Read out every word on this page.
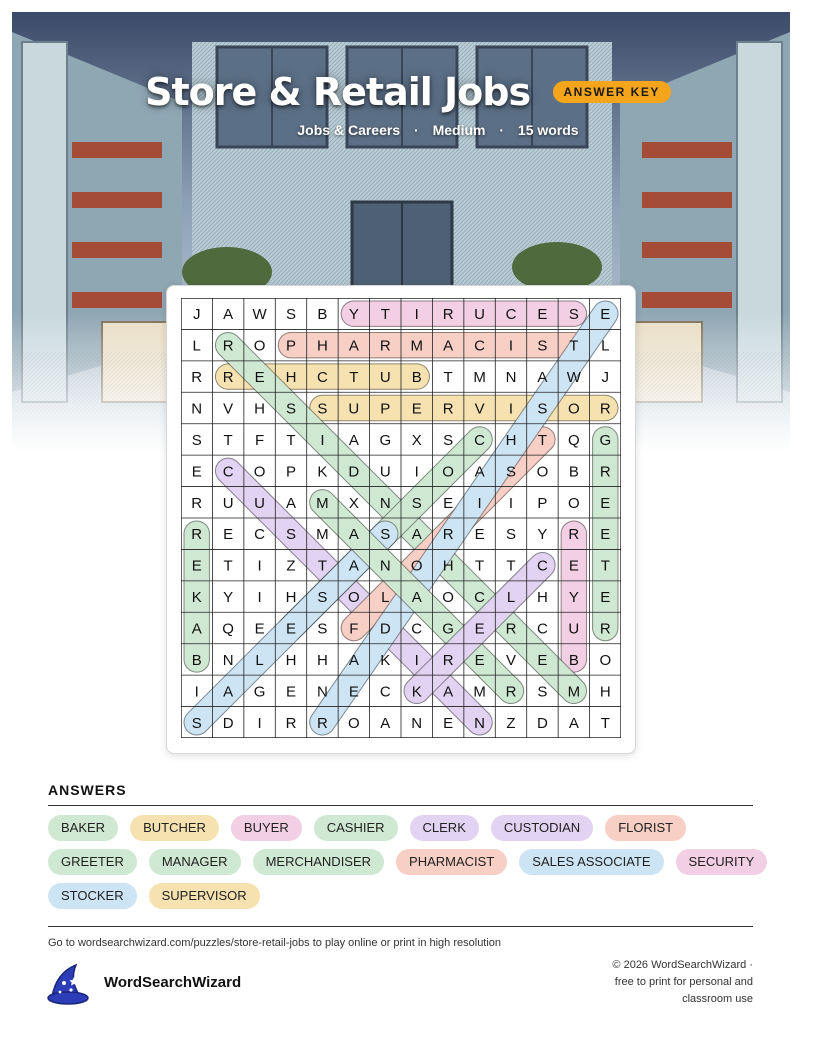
Store & Retail Jobs	ANSWER KEY
Jobs & Careers · Medium · 15 words
J A W S B Y T I R U C E S E
L R O P H A R M A C I S T L
R R E H C T U B T M N A W J
N V H S S U P E R V I S O R
S T F T I A G X S C H T Q G
E C O P K D U I O A S O B R
R U U A M X N S E I I P O E
R E C S M A S A R E S Y R E
E T I Z T A N O H T T C E T
K Y I H S O L A O C L H Y E
A Q E E S F D C G E R C U R
B N L H H A K I R E V E B O
I A G E N E C K A M R S M H
S D I R R O A N E N Z D A T
ANSWERS
BAKER	BUTCHER	BUYER	CASHIER	CLERK	CUSTODIAN	FLORIST
GREETER	MANAGER	MERCHANDISER	PHARMACIST	SALES ASSOCIATE	SECURITY
STOCKER	SUPERVISOR
Go to wordsearchwizard.com/puzzles/store-retail-jobs to play online or print in high resolution
WordSearchWizard
© 2026 WordSearchWizard ·
free to print for personal and
classroom use
